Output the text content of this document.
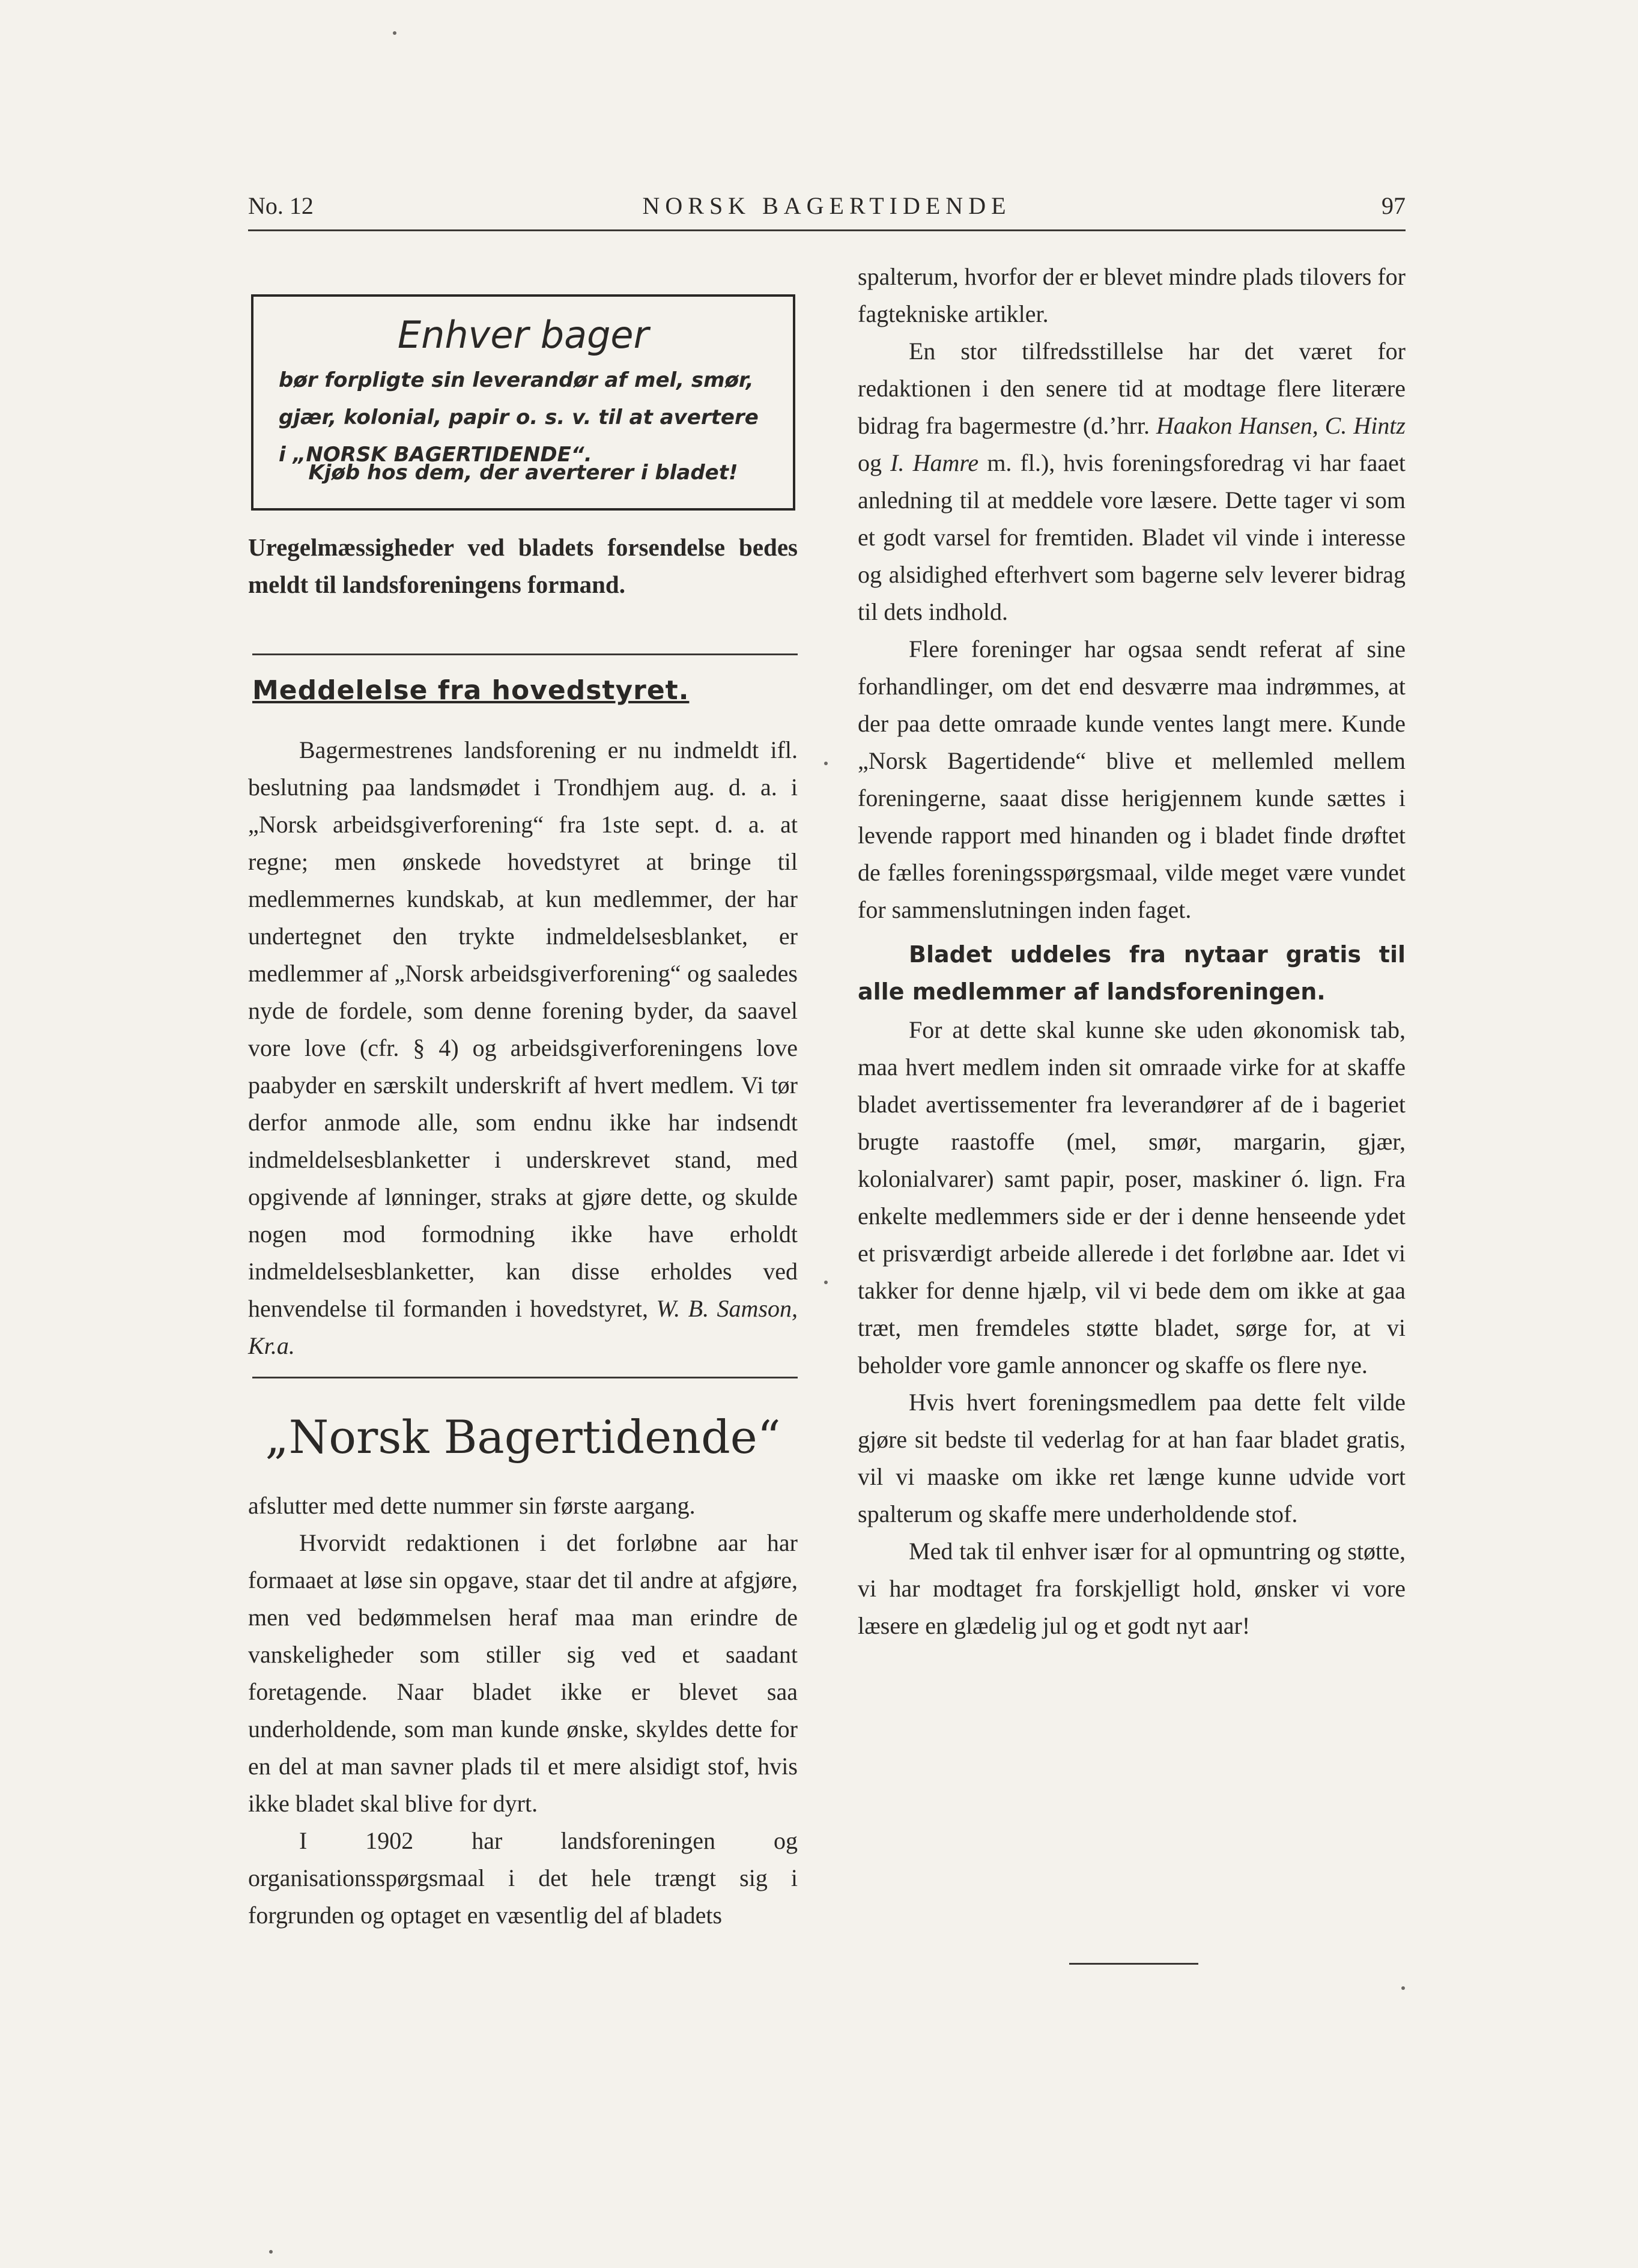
No. 12	NORSK BAGERTIDENDE	97
Enhver bager
bør forpligte sin leverandør af mel, smør, gjær, kolonial, papir o. s. v. til at avertere i „NORSK BAGERTIDENDE“.
Kjøb hos dem, der averterer i bladet!
Uregelmæssigheder ved bladets forsendelse bedes meldt til landsforeningens formand.
Meddelelse fra hovedstyret.

Bagermestrenes landsforening er nu indmeldt ifl. beslutning paa landsmødet i Trondhjem aug. d. a. i „Norsk arbeidsgiverforening“ fra 1ste sept. d. a. at regne; men ønskede hovedstyret at bringe til medlemmernes kundskab, at kun medlemmer, der har undertegnet den trykte indmeldelsesblanket, er medlemmer af „Norsk arbeidsgiverforening“ og saaledes nyde de fordele, som denne forening byder, da saavel vore love (cfr. § 4) og arbeidsgiverforeningens love paabyder en særskilt underskrift af hvert medlem. Vi tør derfor anmode alle, som endnu ikke har indsendt indmeldelsesblanketter i underskrevet stand, med opgivende af lønninger, straks at gjøre dette, og skulde nogen mod formodning ikke have erholdt indmeldelsesblanketter, kan disse erholdes ved henvendelse til formanden i hovedstyret, W. B. Samson, Kr.a.

„Norsk Bagertidende“

afslutter med dette nummer sin første aargang.

Hvorvidt redaktionen i det forløbne aar har formaaet at løse sin opgave, staar det til andre at afgjøre, men ved bedømmelsen heraf maa man erindre de vanskeligheder som stiller sig ved et saadant foretagende. Naar bladet ikke er blevet saa underholdende, som man kunde ønske, skyldes dette for en del at man savner plads til et mere alsidigt stof, hvis ikke bladet skal blive for dyrt.

I 1902 har landsforeningen og organisationsspørgsmaal i det hele trængt sig i forgrunden og optaget en væsentlig del af bladets

spalterum, hvorfor der er blevet mindre plads tilovers for fagtekniske artikler.

En stor tilfredsstillelse har det været for redaktionen i den senere tid at modtage flere literære bidrag fra bagermestre (d.’hrr. Haakon Hansen, C. Hintz og I. Hamre m. fl.), hvis foreningsforedrag vi har faaet anledning til at meddele vore læsere. Dette tager vi som et godt varsel for fremtiden. Bladet vil vinde i interesse og alsidighed efterhvert som bagerne selv leverer bidrag til dets indhold.

Flere foreninger har ogsaa sendt referat af sine forhandlinger, om det end desværre maa indrømmes, at der paa dette omraade kunde ventes langt mere. Kunde „Norsk Bagertidende“ blive et mellemled mellem foreningerne, saaat disse herigjennem kunde sættes i levende rapport med hinanden og i bladet finde drøftet de fælles foreningsspørgsmaal, vilde meget være vundet for sammenslutningen inden faget.

Bladet uddeles fra nytaar gratis til alle medlemmer af landsforeningen.

For at dette skal kunne ske uden økonomisk tab, maa hvert medlem inden sit omraade virke for at skaffe bladet avertissementer fra leverandører af de i bageriet brugte raastoffe (mel, smør, margarin, gjær, kolonialvarer) samt papir, poser, maskiner ó. lign. Fra enkelte medlemmers side er der i denne henseende ydet et prisværdigt arbeide allerede i det forløbne aar. Idet vi takker for denne hjælp, vil vi bede dem om ikke at gaa træt, men fremdeles støtte bladet, sørge for, at vi beholder vore gamle annoncer og skaffe os flere nye.

Hvis hvert foreningsmedlem paa dette felt vilde gjøre sit bedste til vederlag for at han faar bladet gratis, vil vi maaske om ikke ret længe kunne udvide vort spalterum og skaffe mere underholdende stof.

Med tak til enhver især for al opmuntring og støtte, vi har modtaget fra forskjelligt hold, ønsker vi vore læsere en glædelig jul og et godt nyt aar!
